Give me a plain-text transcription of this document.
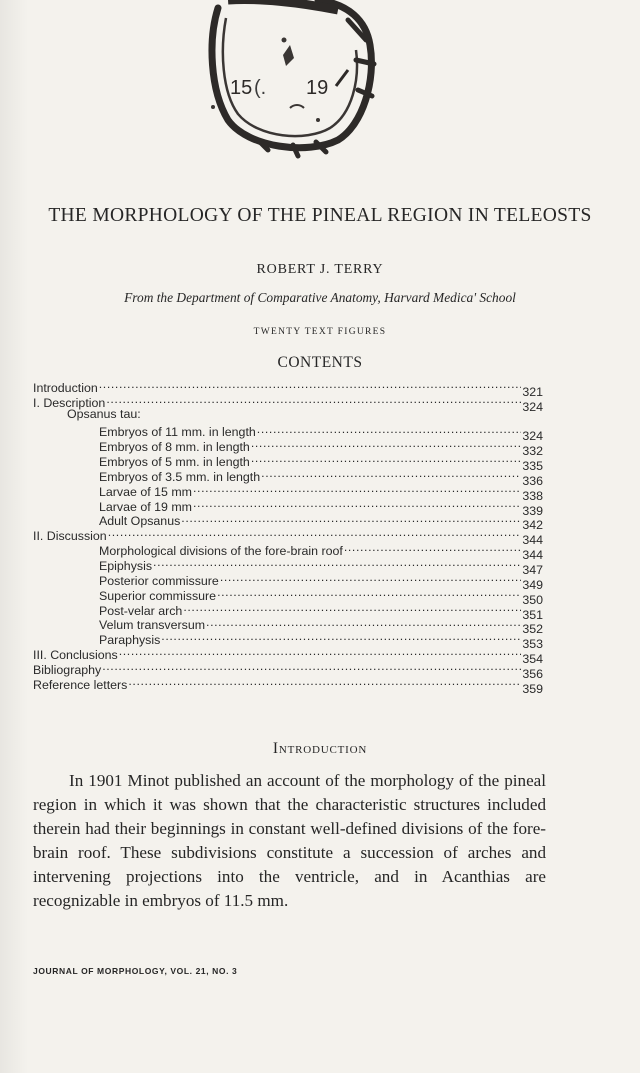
15 (. 19
THE MORPHOLOGY OF THE PINEAL REGION IN TELEOSTS
ROBERT J. TERRY
From the Department of Comparative Anatomy, Harvard Medica' School
TWENTY TEXT FIGURES
CONTENTS
Introduction .....	321
I. Description .....	324
Opsanus tau:
Embryos of 11 mm. in length .....	324
Embryos of 8 mm. in length .....	332
Embryos of 5 mm. in length .....	335
Embryos of 3.5 mm. in length .....	336
Larvae of 15 mm .....	338
Larvae of 19 mm .....	339
Adult Opsanus .....	342
II. Discussion .....	344
Morphological divisions of the fore-brain roof .....	344
Epiphysis .....	347
Posterior commissure .....	349
Superior commissure .....	350
Post-velar arch .....	351
Velum transversum .....	352
Paraphysis .....	353
III. Conclusions .....	354
Bibliography .....	356
Reference letters .....	359
Introduction

In 1901 Minot published an account of the morphology of the pineal region in which it was shown that the characteristic structures included therein had their beginnings in constant well-defined divisions of the fore-brain roof. These subdivisions constitute a succession of arches and intervening projections into the ventricle, and in Acanthias are recognizable in embryos of 11.5 mm.

JOURNAL OF MORPHOLOGY, VOL. 21, NO. 3
